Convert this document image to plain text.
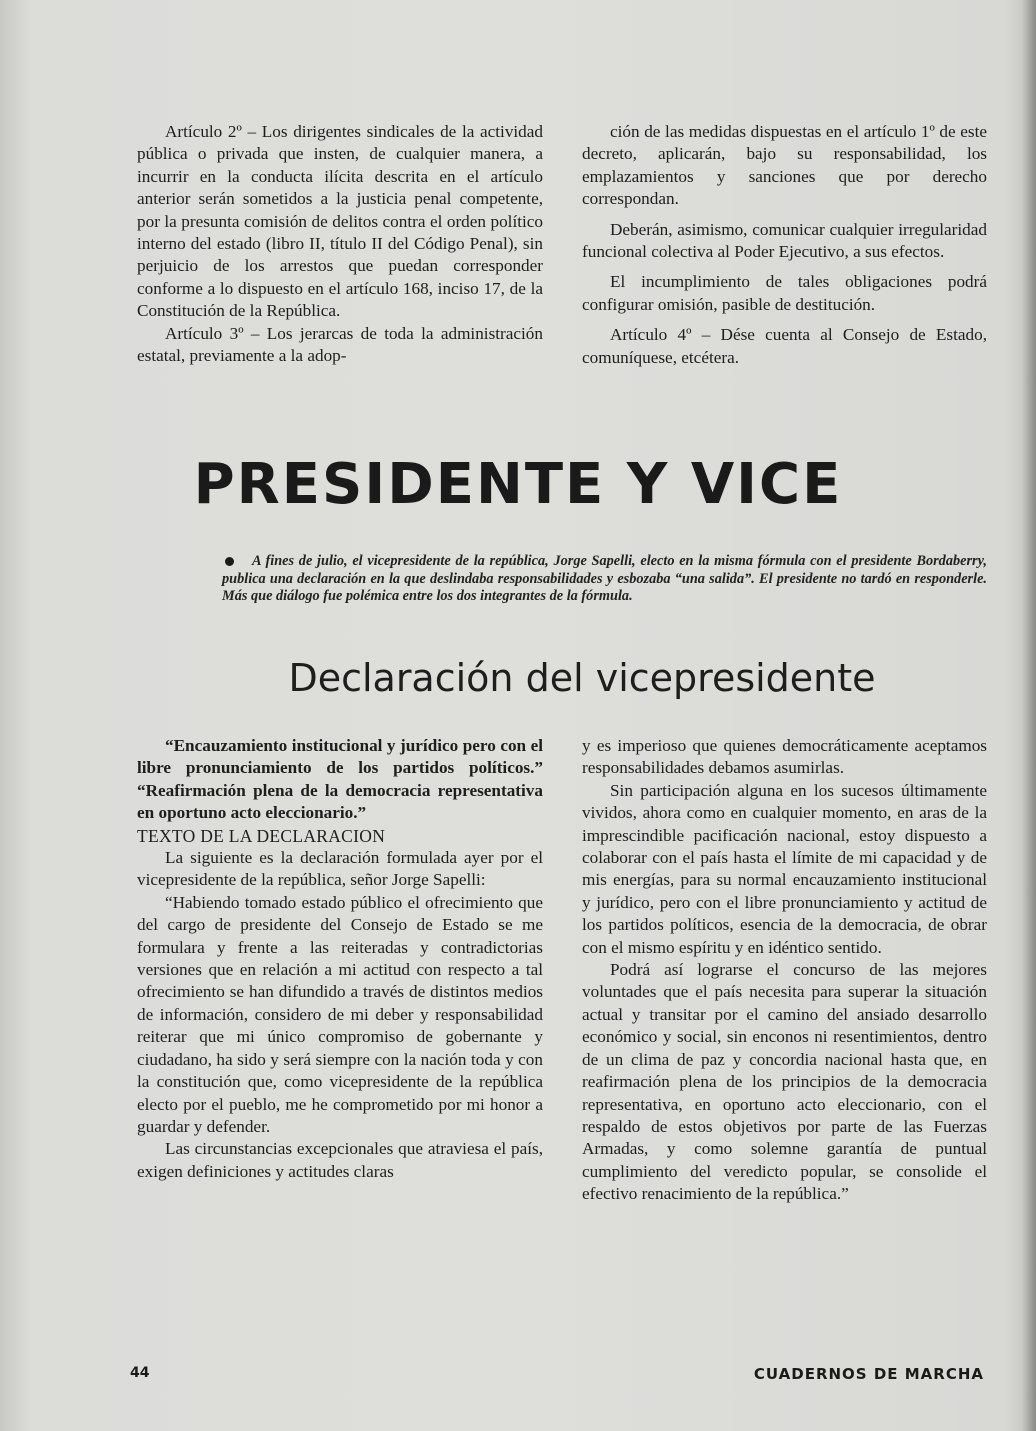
Artículo 2º – Los dirigentes sindicales de la actividad pública o privada que insten, de cualquier manera, a incurrir en la conducta ilícita descrita en el artículo anterior serán sometidos a la justicia penal competente, por la presunta comisión de delitos contra el orden político interno del estado (libro II, título II del Código Penal), sin perjuicio de los arrestos que puedan corresponder conforme a lo dispuesto en el artículo 168, inciso 17, de la Constitución de la República.

Artículo 3º – Los jerarcas de toda la administración estatal, previamente a la adop-

ción de las medidas dispuestas en el artículo 1º de este decreto, aplicarán, bajo su responsabilidad, los emplazamientos y sanciones que por derecho correspondan.

Deberán, asimismo, comunicar cualquier irregularidad funcional colectiva al Poder Ejecutivo, a sus efectos.

El incumplimiento de tales obligaciones podrá configurar omisión, pasible de destitución.

Artículo 4º – Dése cuenta al Consejo de Estado, comuníquese, etcétera.

PRESIDENTE Y VICE
A fines de julio, el vicepresidente de la república, Jorge Sapelli, electo en la misma fórmula con el presidente Bordaberry, publica una declaración en la que deslindaba responsabilidades y esbozaba “una salida”. El presidente no tardó en responderle. Más que diálogo fue polémica entre los dos integrantes de la fórmula.
Declaración del vicepresidente

“Encauzamiento institucional y jurídico pero con el libre pronunciamiento de los partidos políticos.” “Reafirmación plena de la democracia representativa en oportuno acto eleccionario.”

TEXTO DE LA DECLARACION

La siguiente es la declaración formulada ayer por el vicepresidente de la república, señor Jorge Sapelli:

“Habiendo tomado estado público el ofrecimiento que del cargo de presidente del Consejo de Estado se me formulara y frente a las reiteradas y contradictorias versiones que en relación a mi actitud con respecto a tal ofrecimiento se han difundido a través de distintos medios de información, considero de mi deber y responsabilidad reiterar que mi único compromiso de gobernante y ciudadano, ha sido y será siempre con la nación toda y con la constitución que, como vicepresidente de la república electo por el pueblo, me he comprometido por mi honor a guardar y defender.

Las circunstancias excepcionales que atraviesa el país, exigen definiciones y actitudes claras

y es imperioso que quienes democráticamente aceptamos responsabilidades debamos asumirlas.

Sin participación alguna en los sucesos últimamente vividos, ahora como en cualquier momento, en aras de la imprescindible pacificación nacional, estoy dispuesto a colaborar con el país hasta el límite de mi capacidad y de mis energías, para su normal encauzamiento institucional y jurídico, pero con el libre pronunciamiento y actitud de los partidos políticos, esencia de la democracia, de obrar con el mismo espíritu y en idéntico sentido.

Podrá así lograrse el concurso de las mejores voluntades que el país necesita para superar la situación actual y transitar por el camino del ansiado desarrollo económico y social, sin enconos ni resentimientos, dentro de un clima de paz y concordia nacional hasta que, en reafirmación plena de los principios de la democracia representativa, en oportuno acto eleccionario, con el respaldo de estos objetivos por parte de las Fuerzas Armadas, y como solemne garantía de puntual cumplimiento del veredicto popular, se consolide el efectivo renacimiento de la república.”

44	CUADERNOS DE MARCHA
